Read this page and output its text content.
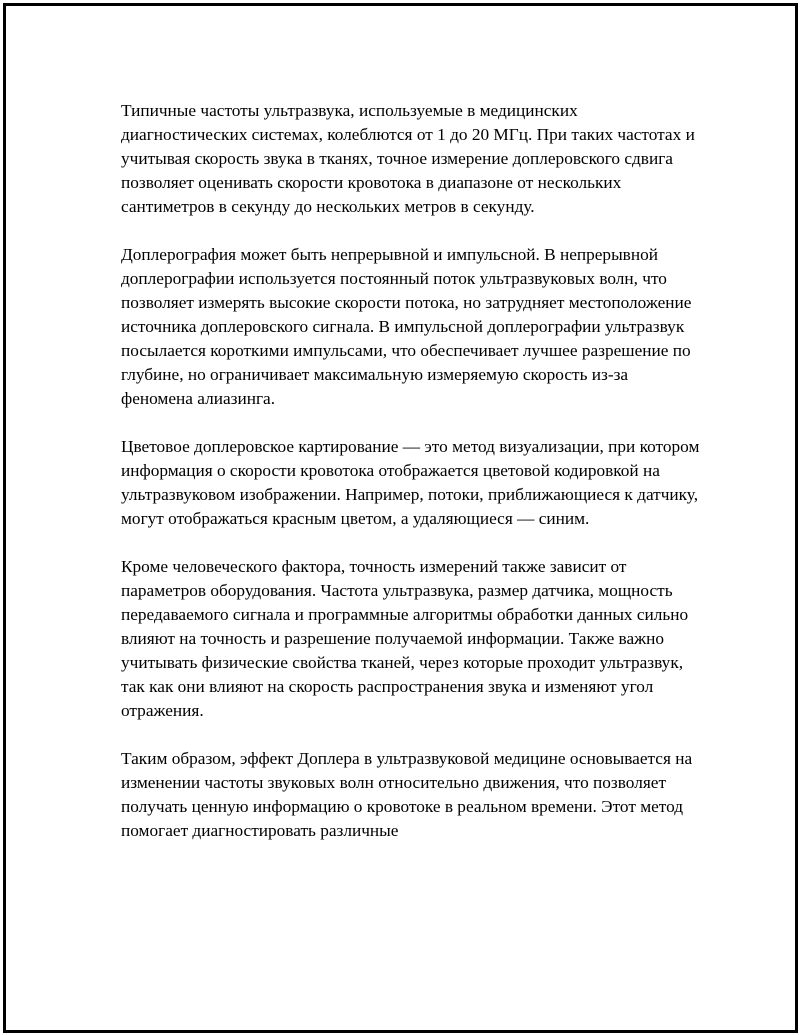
Типичные частоты ультразвука, используемые в медицинских диагностических системах, колеблются от 1 до 20 МГц. При таких частотах и учитывая скорость звука в тканях, точное измерение доплеровского сдвига позволяет оценивать скорости кровотока в диапазоне от нескольких сантиметров в секунду до нескольких метров в секунду.

Доплерография может быть непрерывной и импульсной. В непрерывной доплерографии используется постоянный поток ультразвуковых волн, что позволяет измерять высокие скорости потока, но затрудняет местоположение источника доплеровского сигнала. В импульсной доплерографии ультразвук посылается короткими импульсами, что обеспечивает лучшее разрешение по глубине, но ограничивает максимальную измеряемую скорость из-за феномена алиазинга.

Цветовое доплеровское картирование — это метод визуализации, при котором информация о скорости кровотока отображается цветовой кодировкой на ультразвуковом изображении. Например, потоки, приближающиеся к датчику, могут отображаться красным цветом, а удаляющиеся — синим.

Кроме человеческого фактора, точность измерений также зависит от параметров оборудования. Частота ультразвука, размер датчика, мощность передаваемого сигнала и программные алгоритмы обработки данных сильно влияют на точность и разрешение получаемой информации. Также важно учитывать физические свойства тканей, через которые проходит ультразвук, так как они влияют на скорость распространения звука и изменяют угол отражения.

Таким образом, эффект Доплера в ультразвуковой медицине основывается на изменении частоты звуковых волн относительно движения, что позволяет получать ценную информацию о кровотоке в реальном времени. Этот метод помогает диагностировать различные
